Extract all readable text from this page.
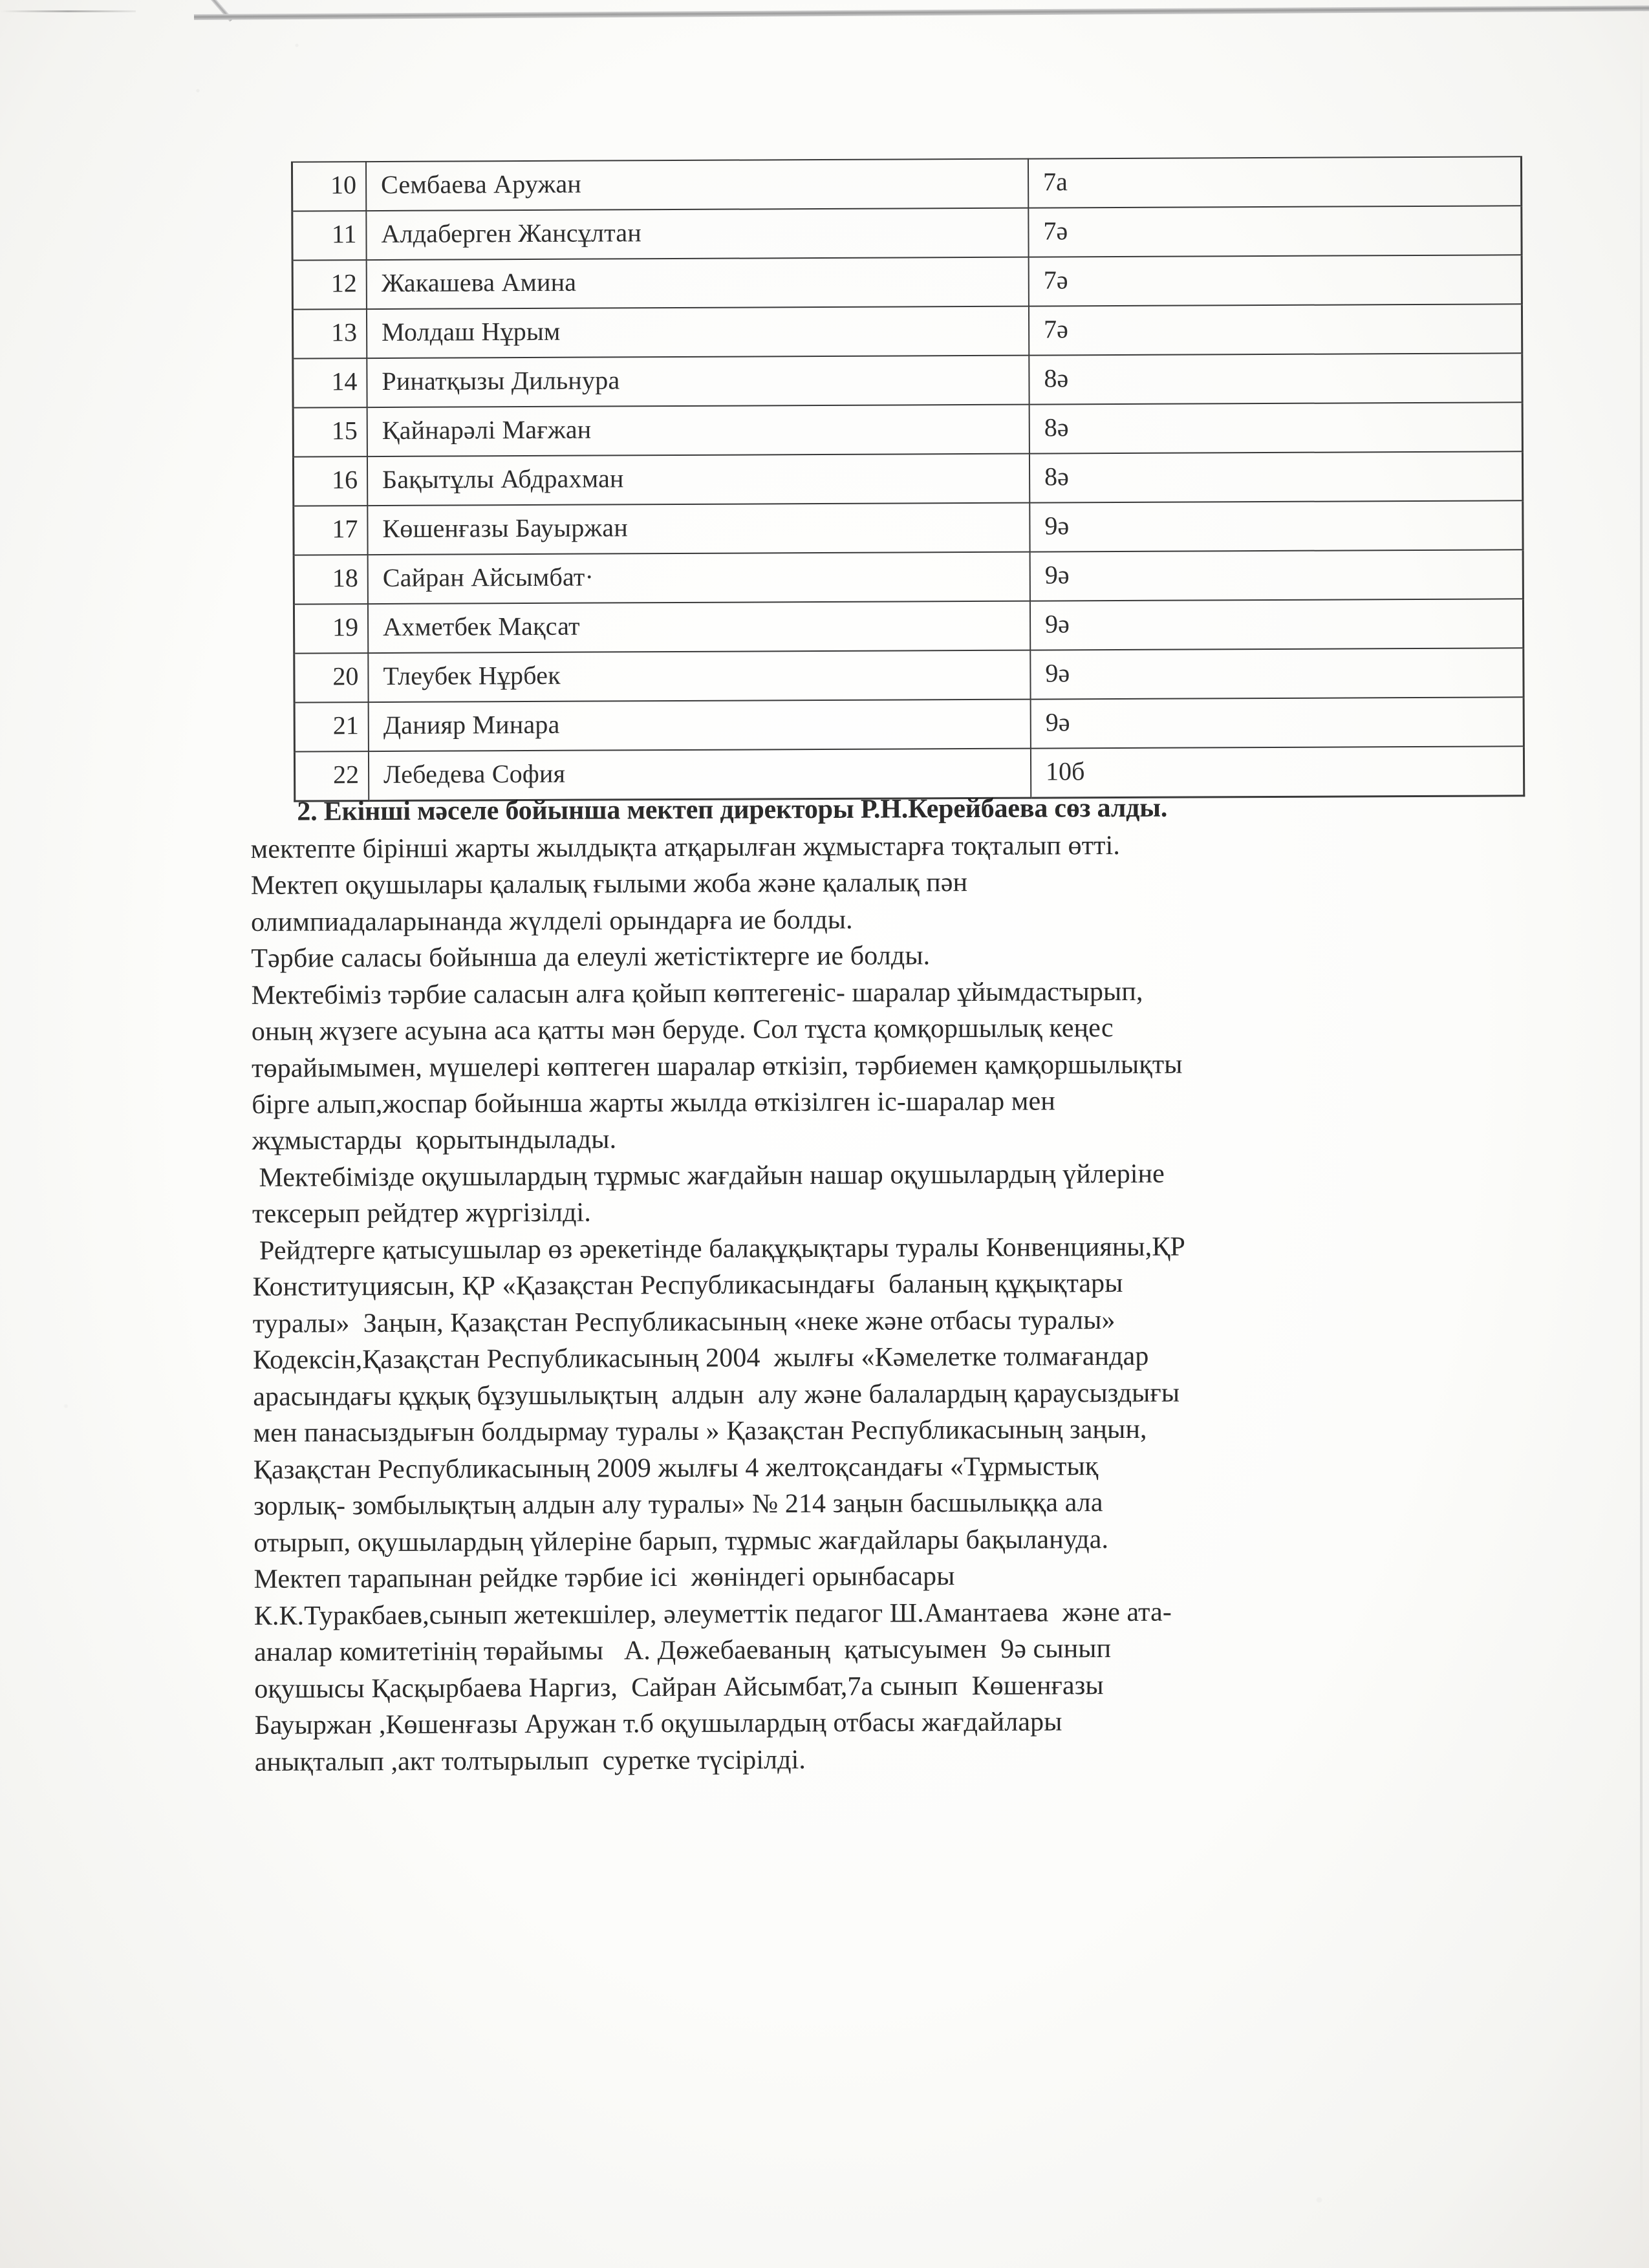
10	Сембаева Аружан	7а
11	Алдаберген Жансұлтан	7ә
12	Жакашева Амина	7ә
13	Молдаш Нұрым	7ә
14	Ринатқызы Дильнура	8ә
15	Қайнарәлі Мағжан	8ә
16	Бақытұлы Абдрахман	8ә
17	Көшенғазы Бауыржан	9ә
18	Сайран Айсымбат·	9ә
19	Ахметбек Мақсат	9ә
20	Тлеубек Нұрбек	9ә
21	Данияр Минара	9ә
22	Лебедева София	10б

2. Екінші мәселе бойынша мектеп директоры Р.Н.Керейбаева сөз алды.

мектепте бірінші жарты жылдықта атқарылған жұмыстарға тоқталып өтті.
Мектеп оқушылары қалалық ғылыми жоба және қалалық пән
олимпиадаларынанда жүлделі орындарға ие болды.
Тәрбие саласы бойынша да елеулі жетістіктерге ие болды.
Мектебіміз тәрбие саласын алға қойып көптегеніс- шаралар ұйымдастырып,
оның жүзеге асуына аса қатты мән беруде. Сол тұста қомқоршылық кеңес
төрайымымен, мүшелері көптеген шаралар өткізіп, тәрбиемен қамқоршылықты
бірге алып,жоспар бойынша жарты жылда өткізілген іс-шаралар мен
жұмыстарды  қорытындылады.
Мектебімізде оқушылардың тұрмыс жағдайын нашар оқушылардың үйлеріне
тексерып рейдтер жүргізілді.
Рейдтерге қатысушылар өз әрекетінде балақұқықтары туралы Конвенцияны,ҚР
Конституциясын, ҚР «Қазақстан Республикасындағы  баланың құқықтары
туралы»  Заңын, Қазақстан Республикасының «неке және отбасы туралы»
Кодексін,Қазақстан Республикасының 2004  жылғы «Кәмелетке толмағандар
арасындағы құқық бұзушылықтың  алдын  алу және балалардың қараусыздығы
мен панасыздығын болдырмау туралы » Қазақстан Республикасының заңын,
Қазақстан Республикасының 2009 жылғы 4 желтоқсандағы «Тұрмыстық
зорлық- зомбылықтың алдын алу туралы» № 214 заңын басшылыққа ала
отырып, оқушылардың үйлеріне барып, тұрмыс жағдайлары бақылануда.
Мектеп тарапынан рейдке тәрбие ісі  жөніндегі орынбасары
К.К.Туракбаев,сынып жетекшілер, әлеуметтік педагог Ш.Амантаева  және ата-
аналар комитетінің төрайымы   А. Дөжебаеваның  қатысуымен  9ә сынып
оқушысы Қасқырбаева Наргиз,  Сайран Айсымбат,7а сынып  Көшенғазы
Бауыржан ,Көшенғазы Аружан т.б оқушылардың отбасы жағдайлары
анықталып ,акт толтырылып  суретке түсірілді.
